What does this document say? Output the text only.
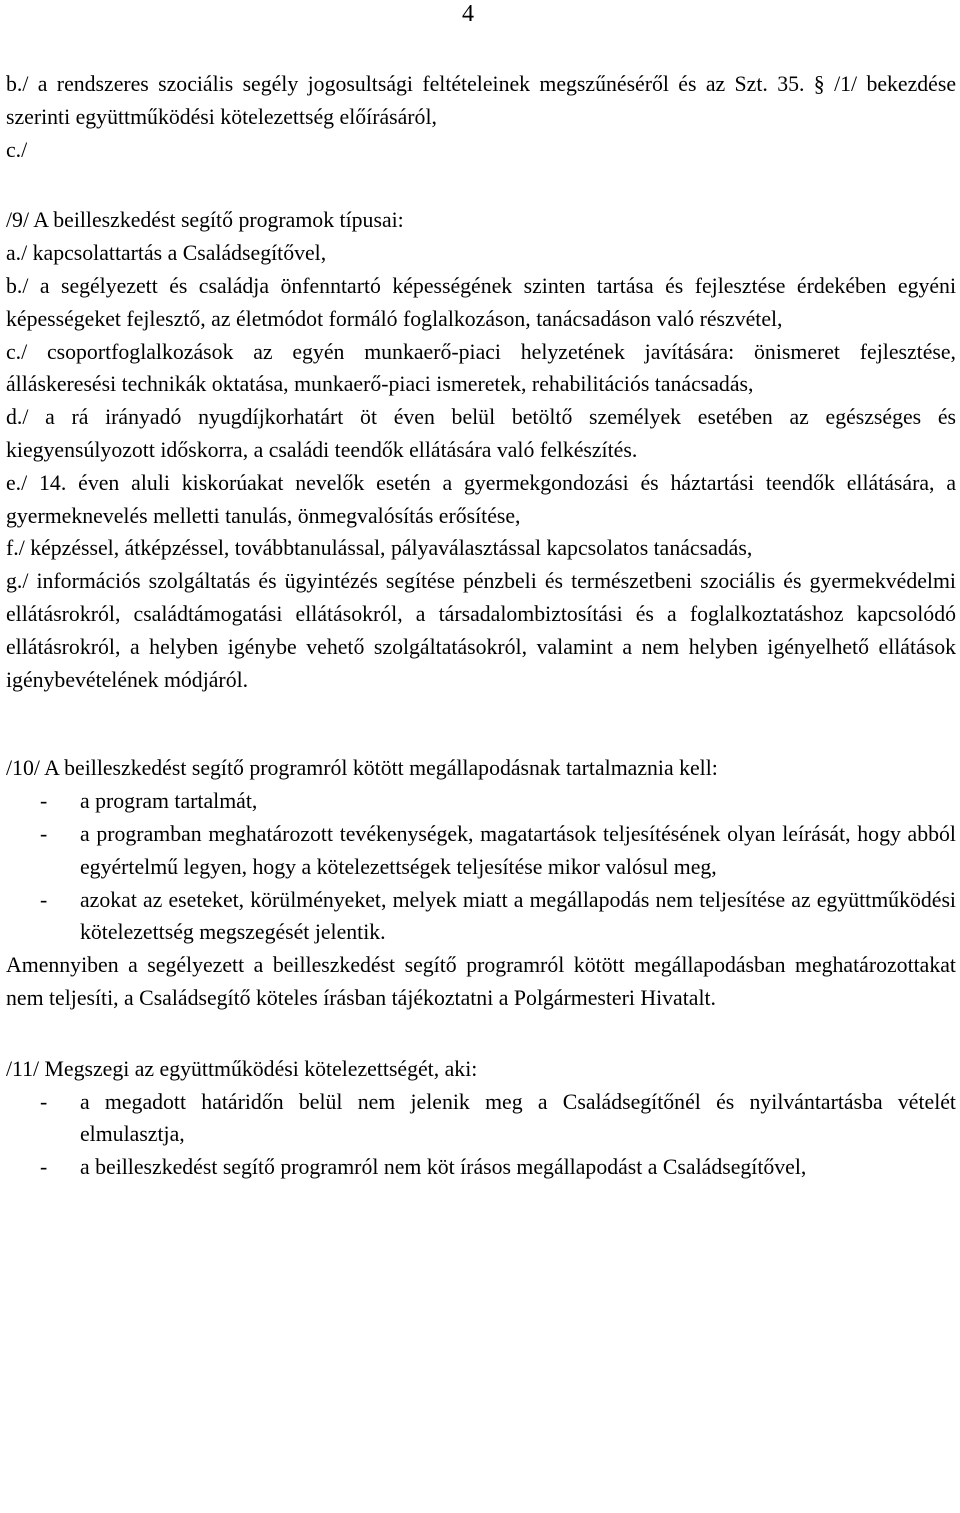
4

b./ a rendszeres szociális segély jogosultsági feltételeinek megszűnéséről és az Szt. 35. § /1/ bekezdése szerinti együttműködési kötelezettség előírásáról,

c./

/9/ A beilleszkedést segítő programok típusai:

a./ kapcsolattartás a Családsegítővel,

b./ a segélyezett és családja önfenntartó képességének szinten tartása és fejlesztése érdekében egyéni képességeket fejlesztő, az életmódot formáló foglalkozáson, tanácsadáson való részvétel,

c./ csoportfoglalkozások az egyén munkaerő-piaci helyzetének javítására: önismeret fejlesztése, álláskeresési technikák oktatása, munkaerő-piaci ismeretek, rehabilitációs tanácsadás,

d./ a rá irányadó nyugdíjkorhatárt öt éven belül betöltő személyek esetében az egészséges és kiegyensúlyozott időskorra, a családi teendők ellátására való felkészítés.

e./ 14. éven aluli kiskorúakat nevelők esetén a gyermekgondozási és háztartási teendők ellátására, a gyermeknevelés melletti tanulás, önmegvalósítás erősítése,

f./ képzéssel, átképzéssel, továbbtanulással, pályaválasztással kapcsolatos tanácsadás,

g./ információs szolgáltatás és ügyintézés segítése pénzbeli és természetbeni szociális és gyermekvédelmi ellátásrokról, családtámogatási ellátásokról, a társadalombiztosítási és a foglalkoztatáshoz kapcsolódó ellátásrokról, a helyben igénybe vehető szolgáltatásokról, valamint a nem helyben igényelhető ellátások igénybevételének módjáról.

/10/ A beilleszkedést segítő programról kötött megállapodásnak tartalmaznia kell:

-	a program tartalmát,
-	a programban meghatározott tevékenységek, magatartások teljesítésének olyan leírását, hogy abból egyértelmű legyen, hogy a kötelezettségek teljesítése mikor valósul meg,
-	azokat az eseteket, körülményeket, melyek miatt a megállapodás nem teljesítése az együttműködési kötelezettség megszegését jelentik.

Amennyiben a segélyezett a beilleszkedést segítő programról kötött megállapodásban meghatározottakat nem teljesíti, a Családsegítő köteles írásban tájékoztatni a Polgármesteri Hivatalt.

/11/ Megszegi az együttműködési kötelezettségét, aki:

-	a megadott határidőn belül nem jelenik meg a Családsegítőnél és nyilvántartásba vételét elmulasztja,
-	a beilleszkedést segítő programról nem köt írásos megállapodást a Családsegítővel,
